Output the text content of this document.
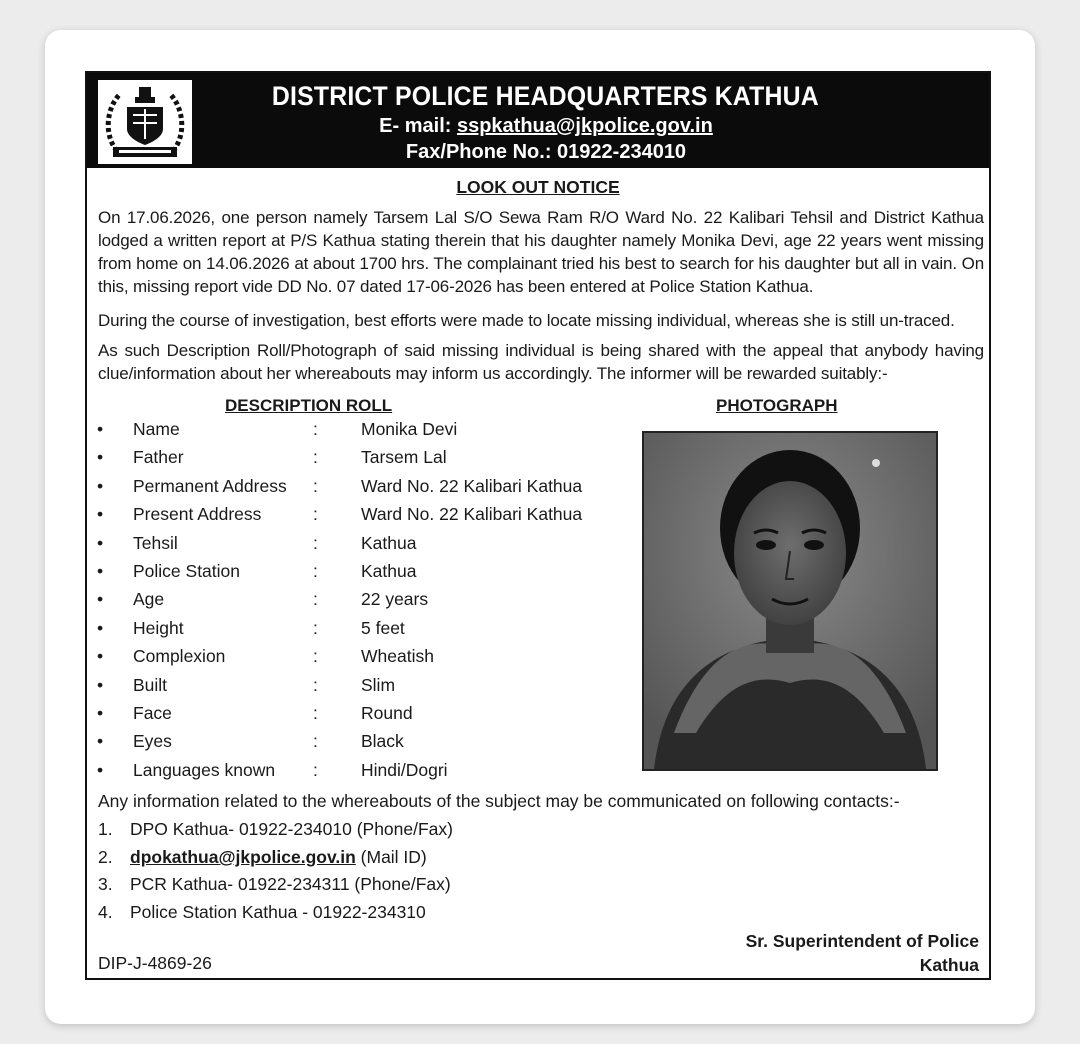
DISTRICT POLICE HEADQUARTERS KATHUA
E- mail: sspkathua@jkpolice.gov.in
Fax/Phone No.: 01922-234010
LOOK OUT NOTICE
On 17.06.2026, one person namely Tarsem Lal S/O Sewa Ram R/O Ward No. 22 Kalibari Tehsil and District Kathua lodged a written report at P/S Kathua stating therein that his daughter namely Monika Devi, age 22 years went missing from home on 14.06.2026 at about 1700 hrs. The complainant tried his best to search for his daughter but all in vain. On this, missing report vide DD No. 07 dated 17-06-2026 has been entered at Police Station Kathua.
During the course of investigation, best efforts were made to locate missing individual, whereas she is still un-traced.
As such Description Roll/Photograph of said missing individual is being shared with the appeal that anybody having clue/information about her whereabouts may inform us accordingly. The informer will be rewarded suitably:-
DESCRIPTION ROLL	PHOTOGRAPH
• Name	: Monika Devi
• Father	: Tarsem Lal
• Permanent Address : Ward No. 22 Kalibari Kathua
• Present Address	: Ward No. 22 Kalibari Kathua
• Tehsil	: Kathua
• Police Station	: Kathua
• Age	: 22 years
• Height	: 5 feet
• Complexion	: Wheatish
• Built	: Slim
• Face	: Round
• Eyes	: Black
• Languages known : Hindi/Dogri
Any information related to the whereabouts of the subject may be communicated on following contacts:-
1. DPO Kathua- 01922-234010 (Phone/Fax)
2. dpokathua@jkpolice.gov.in (Mail ID)
3. PCR Kathua- 01922-234311 (Phone/Fax)
4. Police Station Kathua - 01922-234310
Sr. Superintendent of Police
Kathua
DIP-J-4869-26
